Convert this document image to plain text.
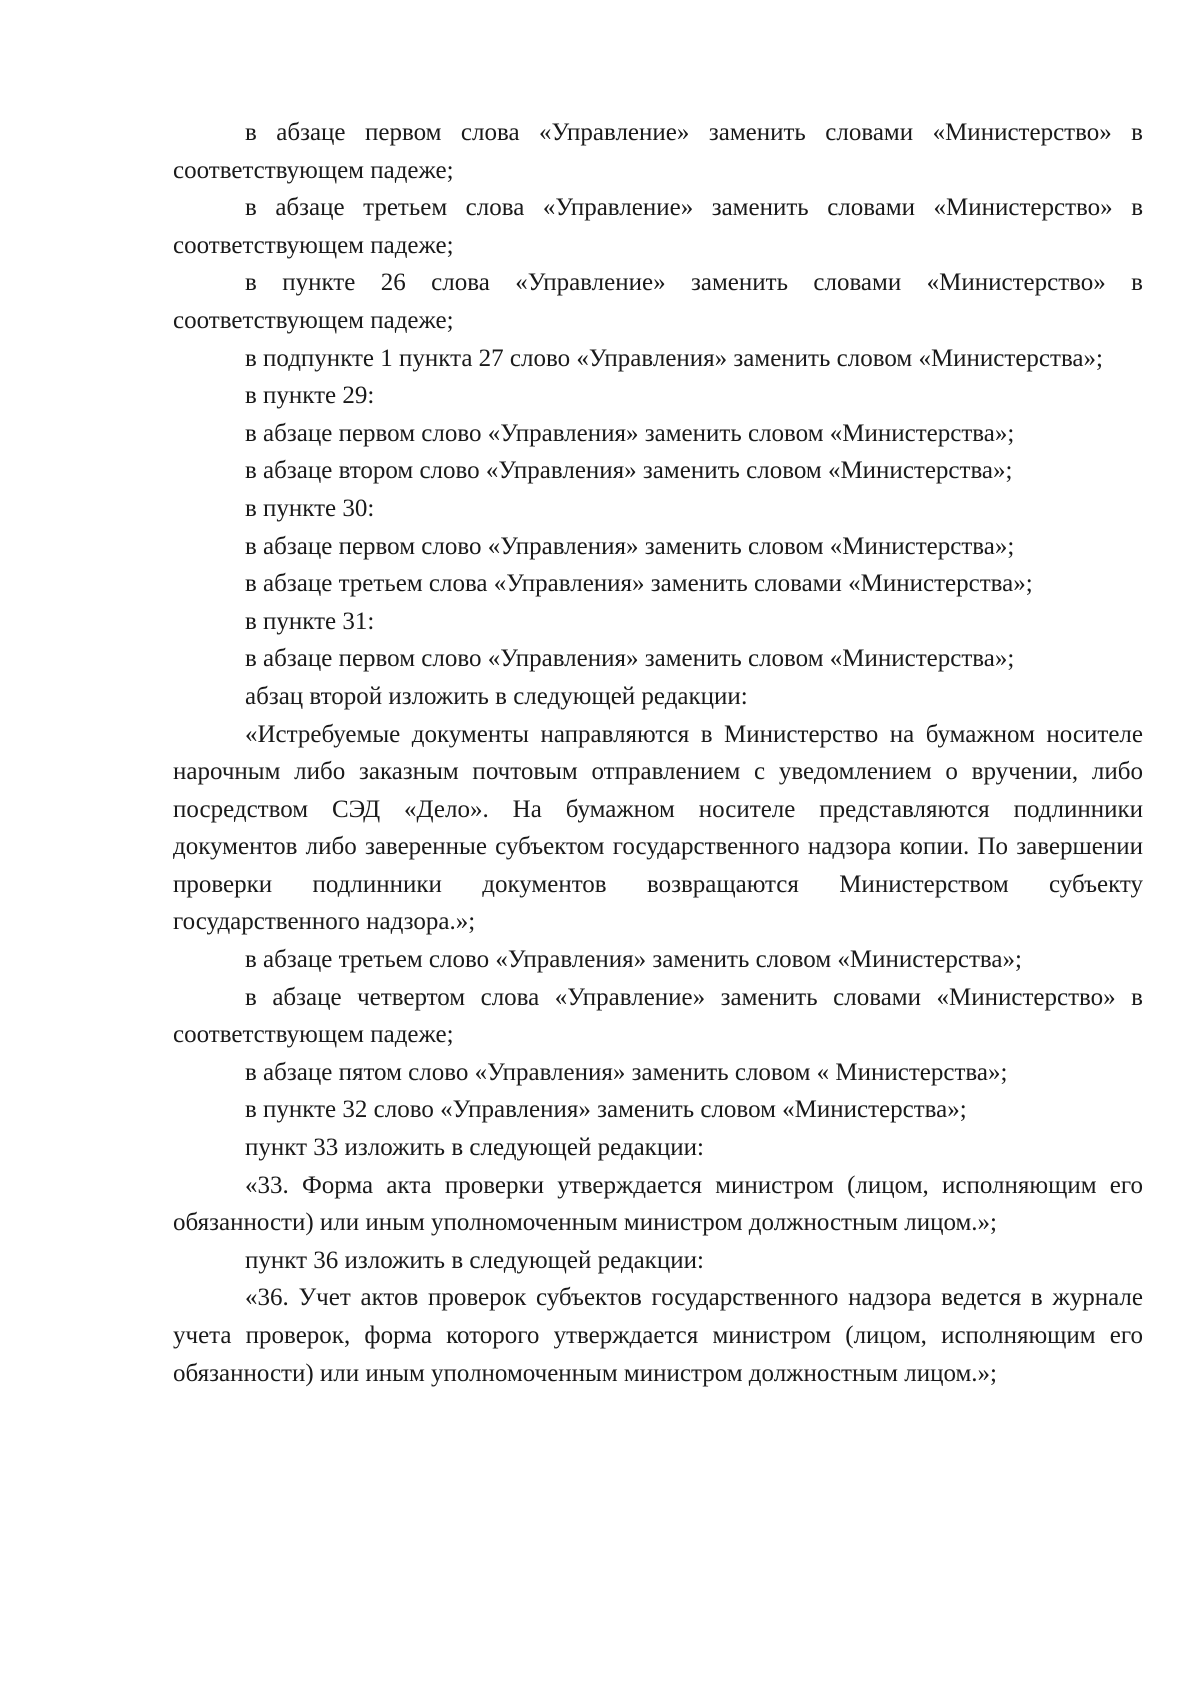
в абзаце первом слова «Управление» заменить словами «Министерство» в соответствующем падеже;

в абзаце третьем слова «Управление» заменить словами «Министерство» в соответствующем падеже;

в пункте 26 слова «Управление» заменить словами «Министерство» в соответствующем падеже;

в подпункте 1 пункта 27 слово «Управления» заменить словом «Министерства»;

в пункте 29:

в абзаце первом слово «Управления» заменить словом «Министерства»;

в абзаце втором слово «Управления» заменить словом «Министерства»;

в пункте 30:

в абзаце первом слово «Управления» заменить словом «Министерства»;

в абзаце третьем слова «Управления» заменить словами «Министерства»;

в пункте 31:

в абзаце первом слово «Управления» заменить словом «Министерства»;

абзац второй изложить в следующей редакции:

«Истребуемые документы направляются в Министерство на бумажном носителе нарочным либо заказным почтовым отправлением с уведомлением о вручении, либо посредством СЭД «Дело». На бумажном носителе представляются подлинники документов либо заверенные субъектом государственного надзора копии. По завершении проверки подлинники документов возвращаются Министерством субъекту государственного надзора.»;

в абзаце третьем слово «Управления» заменить словом «Министерства»;

в абзаце четвертом слова «Управление» заменить словами «Министерство» в соответствующем падеже;

в абзаце пятом слово «Управления» заменить словом « Министерства»;

в пункте 32 слово «Управления» заменить словом «Министерства»;

пункт 33 изложить в следующей редакции:

«33. Форма акта проверки утверждается министром (лицом, исполняющим его обязанности) или иным уполномоченным министром должностным лицом.»;

пункт 36 изложить в следующей редакции:

«36. Учет актов проверок субъектов государственного надзора ведется в журнале учета проверок, форма которого утверждается министром (лицом, исполняющим его обязанности) или иным уполномоченным министром должностным лицом.»;
